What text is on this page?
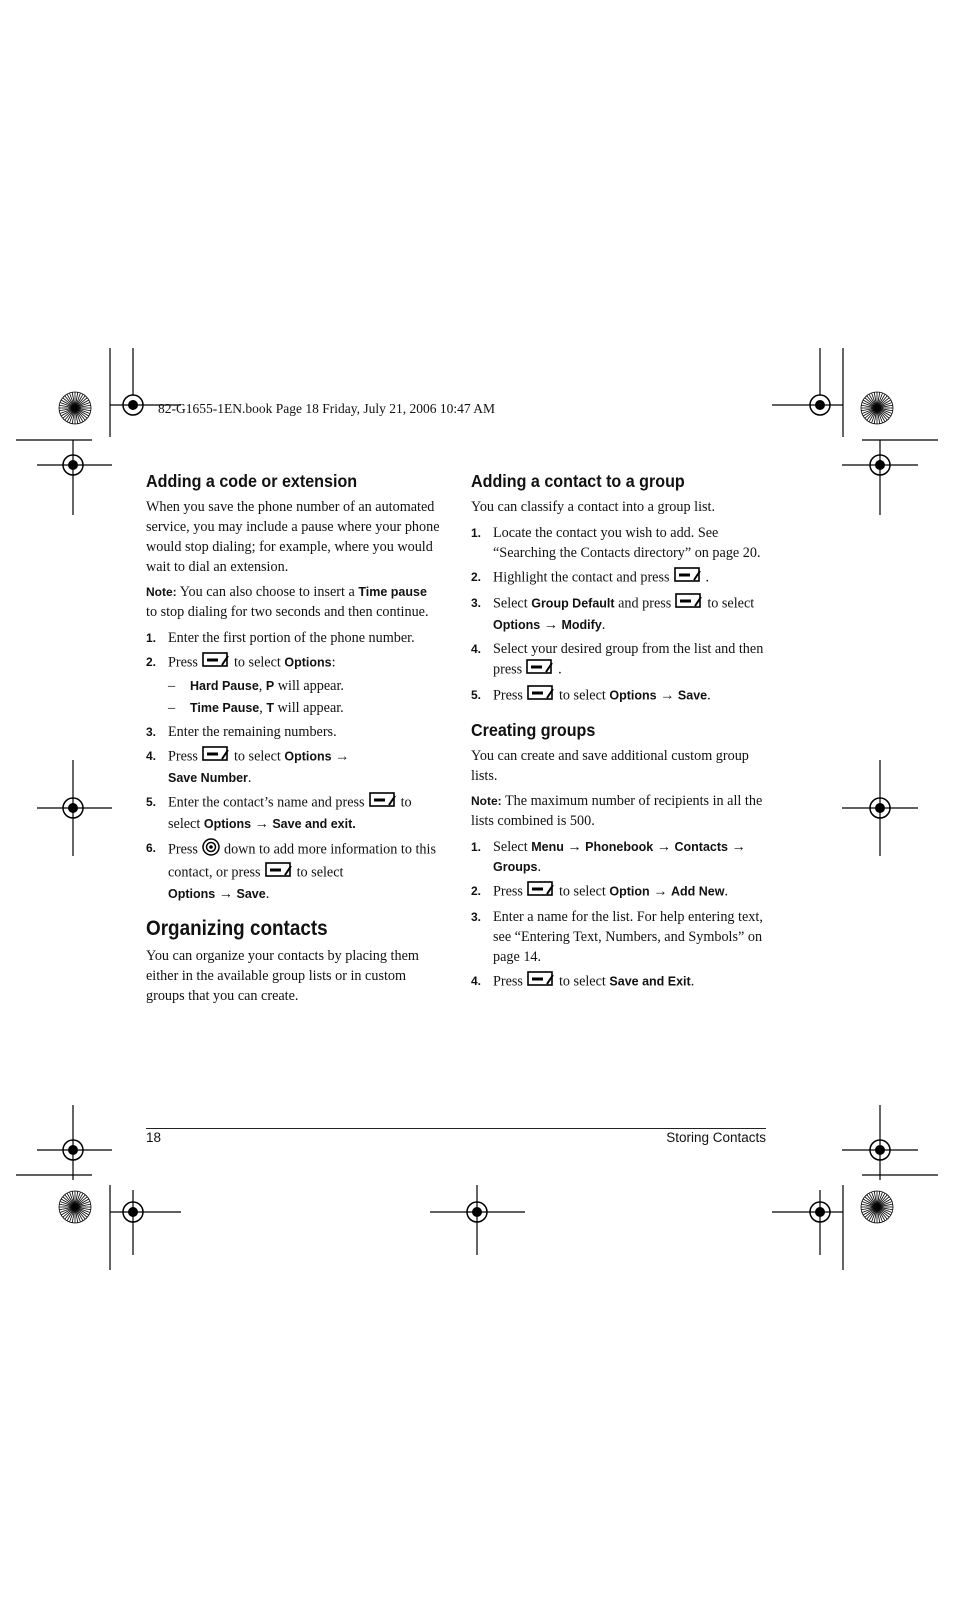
82-G1655-1EN.book Page 18 Friday, July 21, 2006 10:47 AM
Adding a code or extension

When you save the phone number of an automated service, you may include a pause where your phone would stop dialing; for example, where you would wait to dial an extension.

Note: You can also choose to insert a Time pause to stop dialing for two seconds and then continue.

1. Enter the first portion of the phone number.
2. Press	to select Options:
– Hard Pause, P will appear.
– Time Pause, T will appear.
3. Enter the remaining numbers.
4. Press	to select Options →
Save Number.
5. Enter the contact’s name and press	to select Options → Save and exit.
6. Press down to add more information to this contact, or press	to select
Options → Save.
Organizing contacts

You can organize your contacts by placing them either in the available group lists or in custom groups that you can create.

Adding a contact to a group

You can classify a contact into a group list.

1. Locate the contact you wish to add. See “Searching the Contacts directory” on page 20.
2. Highlight the contact and press	.
3. Select Group Default and press	to select
Options → Modify.
4. Select your desired group from the list and then press	.
5. Press	to select Options → Save.
Creating groups

You can create and save additional custom group lists.

Note: The maximum number of recipients in all the lists combined is 500.

1. Select Menu → Phonebook → Contacts →
Groups.
2. Press	to select Option → Add New.
3. Enter a name for the list. For help entering text, see “Entering Text, Numbers, and Symbols” on page 14.
4. Press	to select Save and Exit.
18	Storing Contacts
